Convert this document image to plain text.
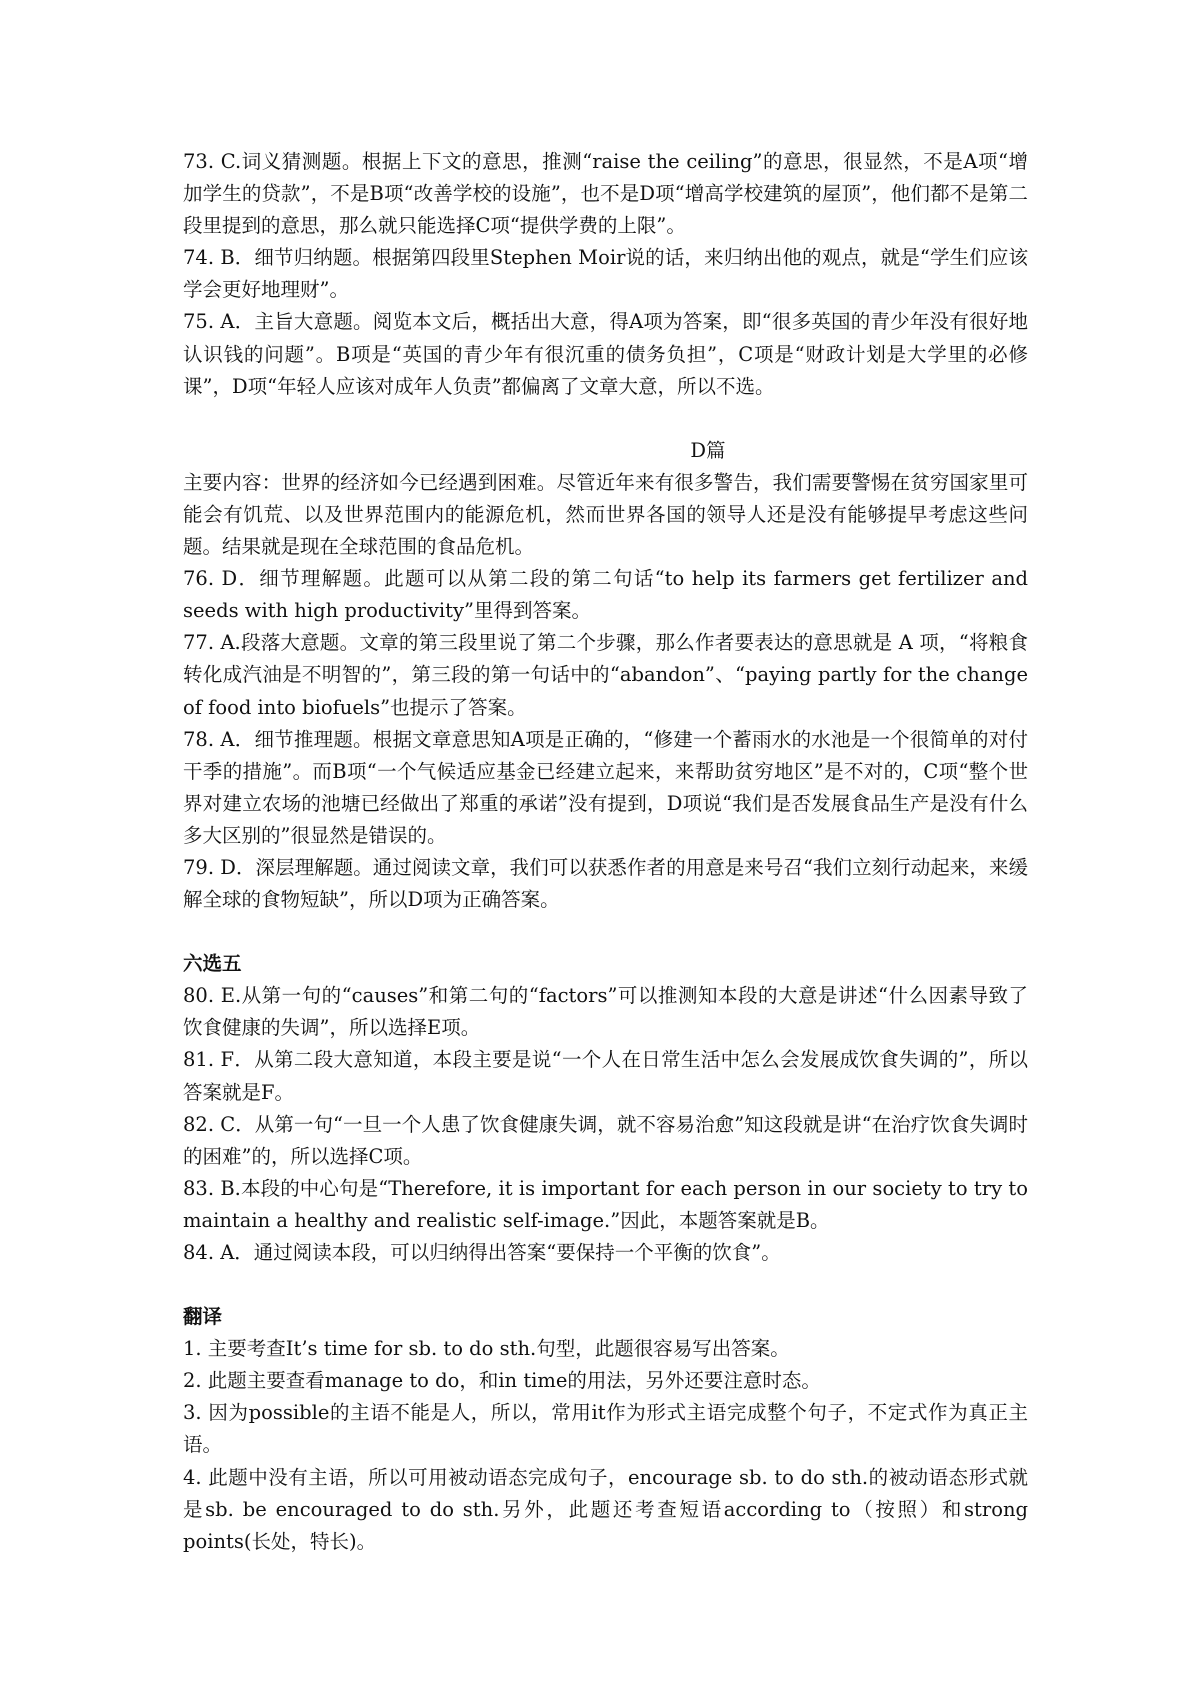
73. C.词义猜测题。根据上下文的意思，推测“raise the ceiling”的意思，很显然，不是A项“增加学生的贷款”，不是B项“改善学校的设施”，也不是D项“增高学校建筑的屋顶”，他们都不是第二段里提到的意思，那么就只能选择C项“提供学费的上限”。

74. B．细节归纳题。根据第四段里Stephen Moir说的话，来归纳出他的观点，就是“学生们应该学会更好地理财”。

75. A．主旨大意题。阅览本文后，概括出大意，得A项为答案，即“很多英国的青少年没有很好地认识钱的问题”。B项是“英国的青少年有很沉重的债务负担”，C项是“财政计划是大学里的必修课”，D项“年轻人应该对成年人负责”都偏离了文章大意，所以不选。

D篇

主要内容：世界的经济如今已经遇到困难。尽管近年来有很多警告，我们需要警惕在贫穷国家里可能会有饥荒、以及世界范围内的能源危机，然而世界各国的领导人还是没有能够提早考虑这些问题。结果就是现在全球范围的食品危机。

76. D．细节理解题。此题可以从第二段的第二句话“to help its farmers get fertilizer and seeds with high productivity”里得到答案。

77. A.段落大意题。文章的第三段里说了第二个步骤，那么作者要表达的意思就是 A 项，“将粮食转化成汽油是不明智的”，第三段的第一句话中的“abandon”、“paying partly for the change of food into biofuels”也提示了答案。

78. A．细节推理题。根据文章意思知A项是正确的，“修建一个蓄雨水的水池是一个很简单的对付干季的措施”。而B项“一个气候适应基金已经建立起来，来帮助贫穷地区”是不对的，C项“整个世界对建立农场的池塘已经做出了郑重的承诺”没有提到，D项说“我们是否发展食品生产是没有什么多大区别的”很显然是错误的。

79. D．深层理解题。通过阅读文章，我们可以获悉作者的用意是来号召“我们立刻行动起来，来缓解全球的食物短缺”，所以D项为正确答案。

六选五

80. E.从第一句的“causes”和第二句的“factors”可以推测知本段的大意是讲述“什么因素导致了饮食健康的失调”，所以选择E项。

81. F．从第二段大意知道，本段主要是说“一个人在日常生活中怎么会发展成饮食失调的”，所以答案就是F。

82. C．从第一句“一旦一个人患了饮食健康失调，就不容易治愈”知这段就是讲“在治疗饮食失调时的困难”的，所以选择C项。

83. B.本段的中心句是“Therefore, it is important for each person in our society to try to maintain a healthy and realistic self-image.”因此，本题答案就是B。

84. A．通过阅读本段，可以归纳得出答案“要保持一个平衡的饮食”。

翻译

1. 主要考查It’s time for sb. to do sth.句型，此题很容易写出答案。

2. 此题主要查看manage to do，和in time的用法，另外还要注意时态。

3. 因为possible的主语不能是人，所以，常用it作为形式主语完成整个句子，不定式作为真正主语。

4. 此题中没有主语，所以可用被动语态完成句子，encourage sb. to do sth.的被动语态形式就是sb. be encouraged to do sth.另外，此题还考查短语according to（按照）和strong points(长处，特长)。
